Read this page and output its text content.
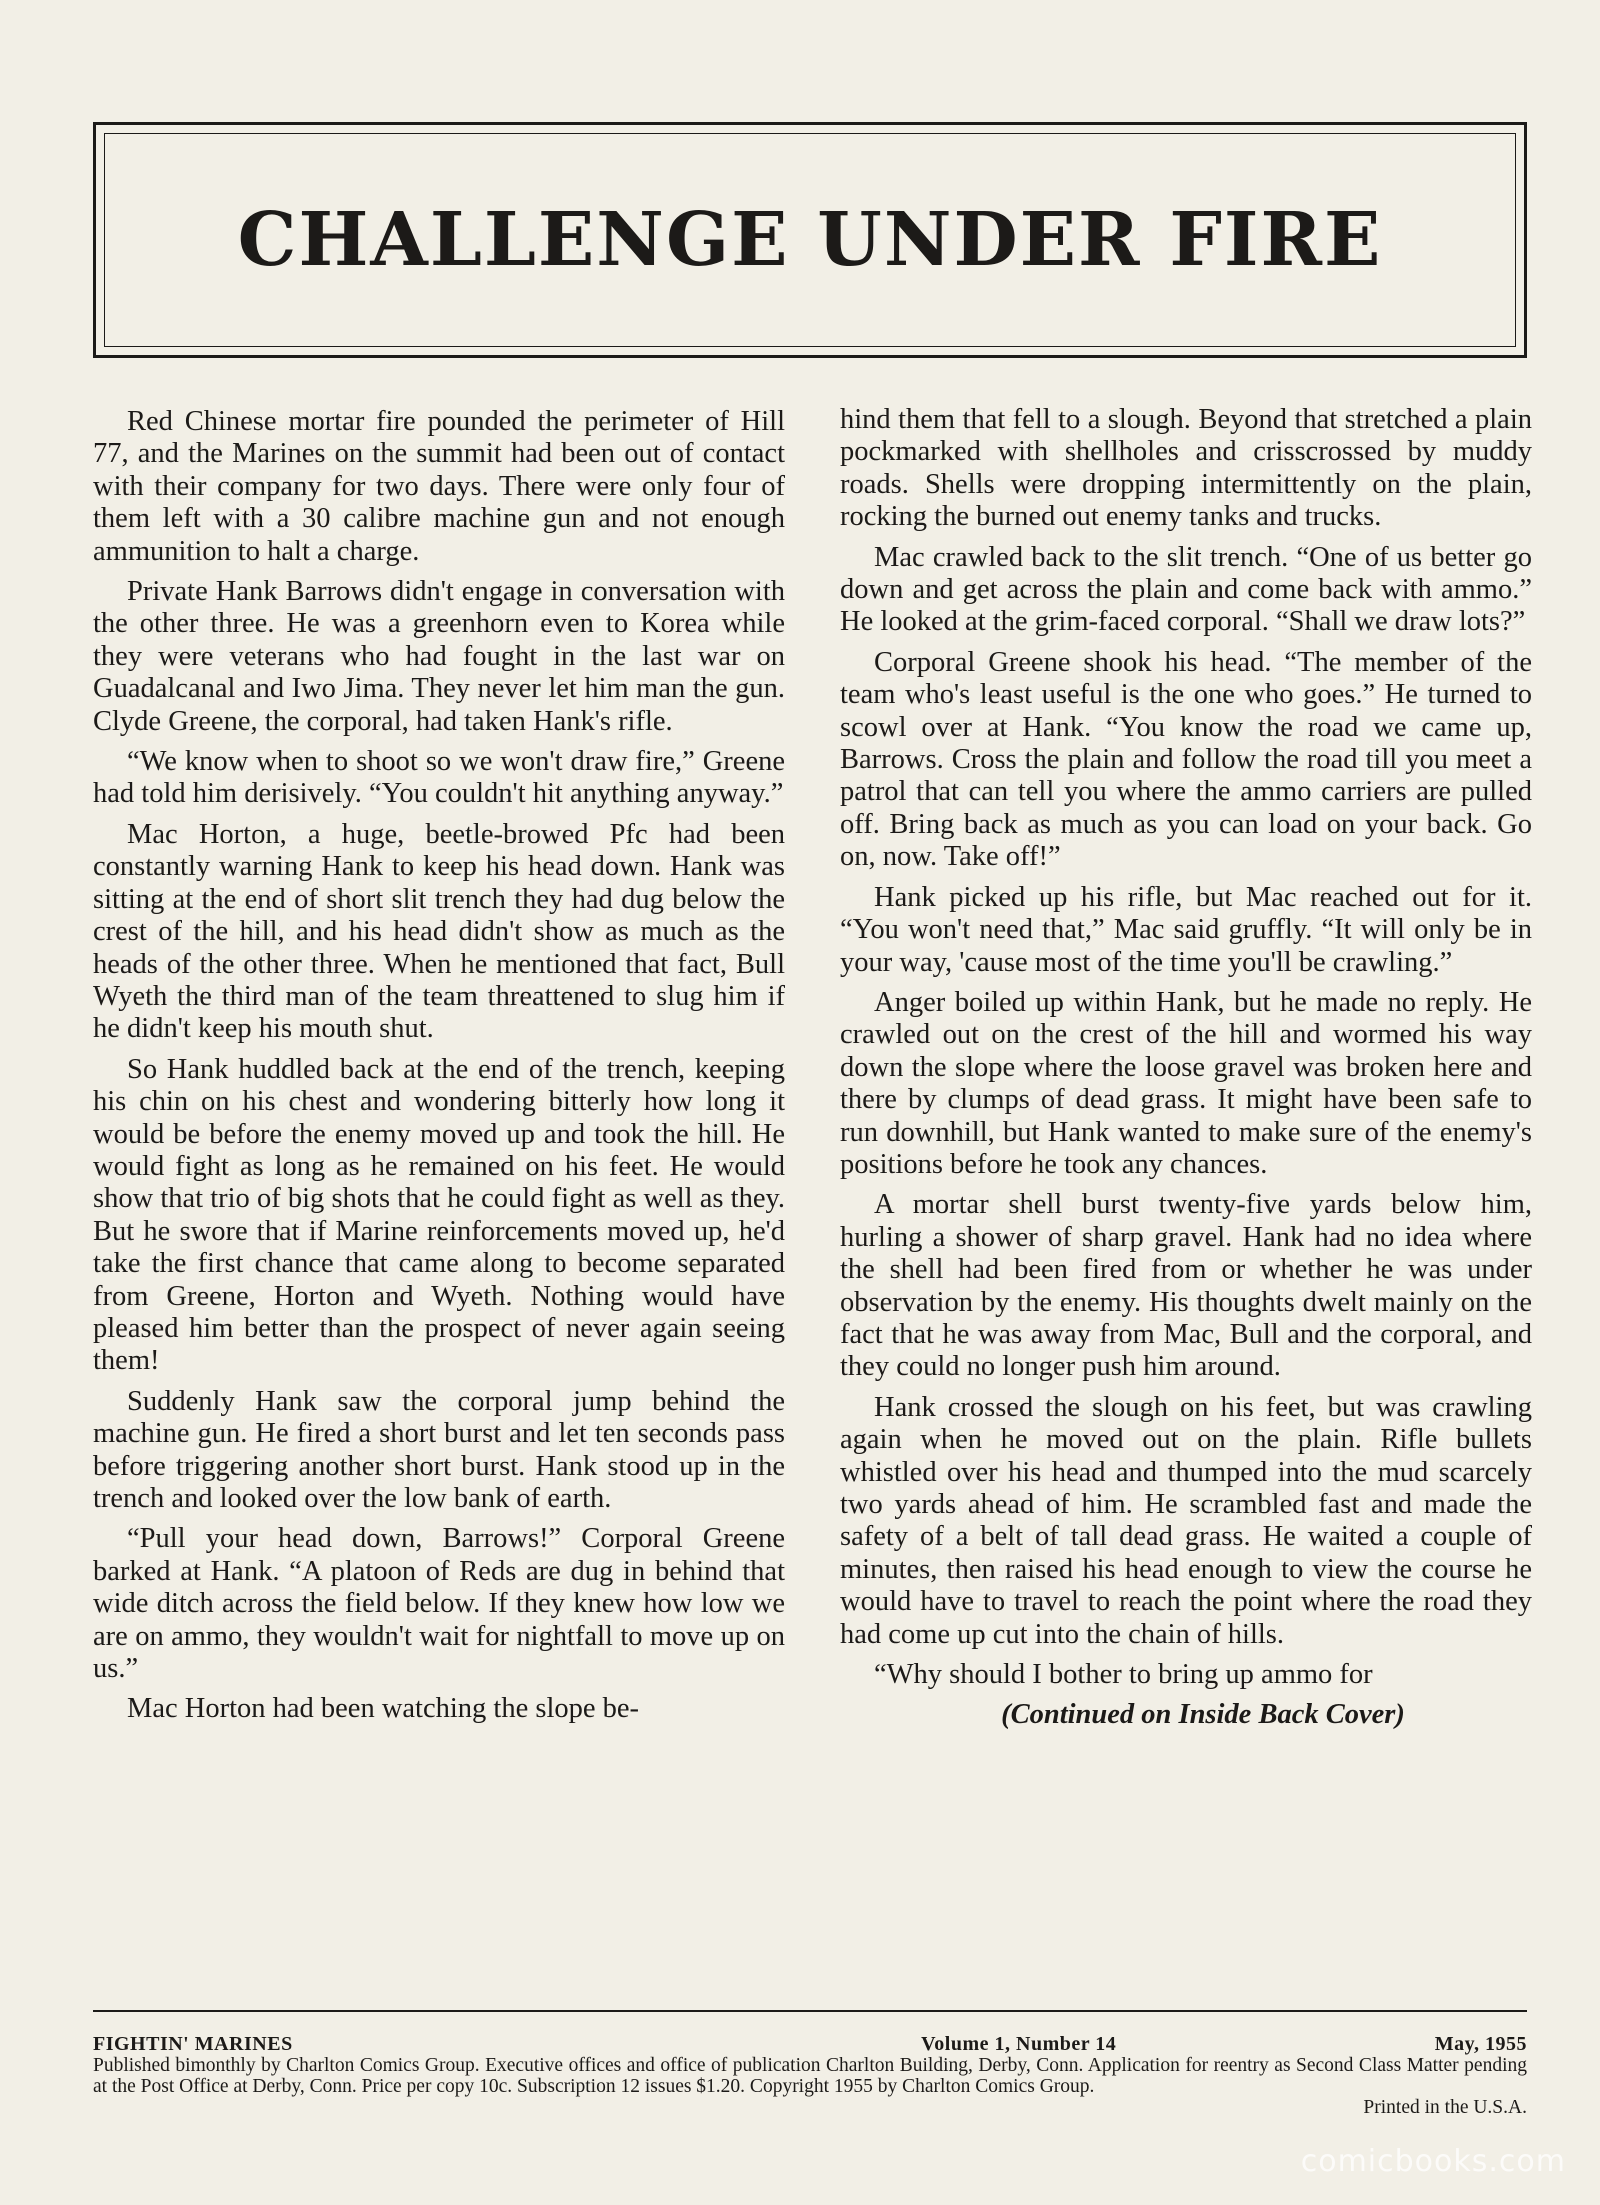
CHALLENGE UNDER FIRE

Red Chinese mortar fire pounded the perimeter of Hill 77, and the Marines on the summit had been out of contact with their company for two days. There were only four of them left with a 30 calibre machine gun and not enough ammunition to halt a charge.

Private Hank Barrows didn't engage in conversation with the other three. He was a greenhorn even to Korea while they were veterans who had fought in the last war on Guadalcanal and Iwo Jima. They never let him man the gun. Clyde Greene, the corporal, had taken Hank's rifle.

“We know when to shoot so we won't draw fire,” Greene had told him derisively. “You couldn't hit anything anyway.”

Mac Horton, a huge, beetle-browed Pfc had been constantly warning Hank to keep his head down. Hank was sitting at the end of short slit trench they had dug below the crest of the hill, and his head didn't show as much as the heads of the other three. When he mentioned that fact, Bull Wyeth the third man of the team threattened to slug him if he didn't keep his mouth shut.

So Hank huddled back at the end of the trench, keeping his chin on his chest and wondering bitterly how long it would be before the enemy moved up and took the hill. He would fight as long as he remained on his feet. He would show that trio of big shots that he could fight as well as they. But he swore that if Marine reinforcements moved up, he'd take the first chance that came along to become separated from Greene, Horton and Wyeth. Nothing would have pleased him better than the prospect of never again seeing them!

Suddenly Hank saw the corporal jump behind the machine gun. He fired a short burst and let ten seconds pass before triggering another short burst. Hank stood up in the trench and looked over the low bank of earth.

“Pull your head down, Barrows!” Corporal Greene barked at Hank. “A platoon of Reds are dug in behind that wide ditch across the field below. If they knew how low we are on ammo, they wouldn't wait for nightfall to move up on us.”

Mac Horton had been watching the slope be-

hind them that fell to a slough. Beyond that stretched a plain pockmarked with shellholes and crisscrossed by muddy roads. Shells were dropping intermittently on the plain, rocking the burned out enemy tanks and trucks.

Mac crawled back to the slit trench. “One of us better go down and get across the plain and come back with ammo.” He looked at the grim-faced corporal. “Shall we draw lots?”

Corporal Greene shook his head. “The member of the team who's least useful is the one who goes.” He turned to scowl over at Hank. “You know the road we came up, Barrows. Cross the plain and follow the road till you meet a patrol that can tell you where the ammo carriers are pulled off. Bring back as much as you can load on your back. Go on, now. Take off!”

Hank picked up his rifle, but Mac reached out for it. “You won't need that,” Mac said gruffly. “It will only be in your way, 'cause most of the time you'll be crawling.”

Anger boiled up within Hank, but he made no reply. He crawled out on the crest of the hill and wormed his way down the slope where the loose gravel was broken here and there by clumps of dead grass. It might have been safe to run downhill, but Hank wanted to make sure of the enemy's positions before he took any chances.

A mortar shell burst twenty-five yards below him, hurling a shower of sharp gravel. Hank had no idea where the shell had been fired from or whether he was under observation by the enemy. His thoughts dwelt mainly on the fact that he was away from Mac, Bull and the corporal, and they could no longer push him around.

Hank crossed the slough on his feet, but was crawling again when he moved out on the plain. Rifle bullets whistled over his head and thumped into the mud scarcely two yards ahead of him. He scrambled fast and made the safety of a belt of tall dead grass. He waited a couple of minutes, then raised his head enough to view the course he would have to travel to reach the point where the road they had come up cut into the chain of hills.

“Why should I bother to bring up ammo for

(Continued on Inside Back Cover)

FIGHTIN' MARINES	Volume 1, Number 14	May, 1955
Published bimonthly by Charlton Comics Group. Executive offices and office of publication Charlton Building, Derby, Conn. Application for reentry as Second Class Matter pending at the Post Office at Derby, Conn. Price per copy 10c. Subscription 12 issues $1.20. Copyright 1955 by Charlton Comics Group.
Printed in the U.S.A.
comicbooks.com
